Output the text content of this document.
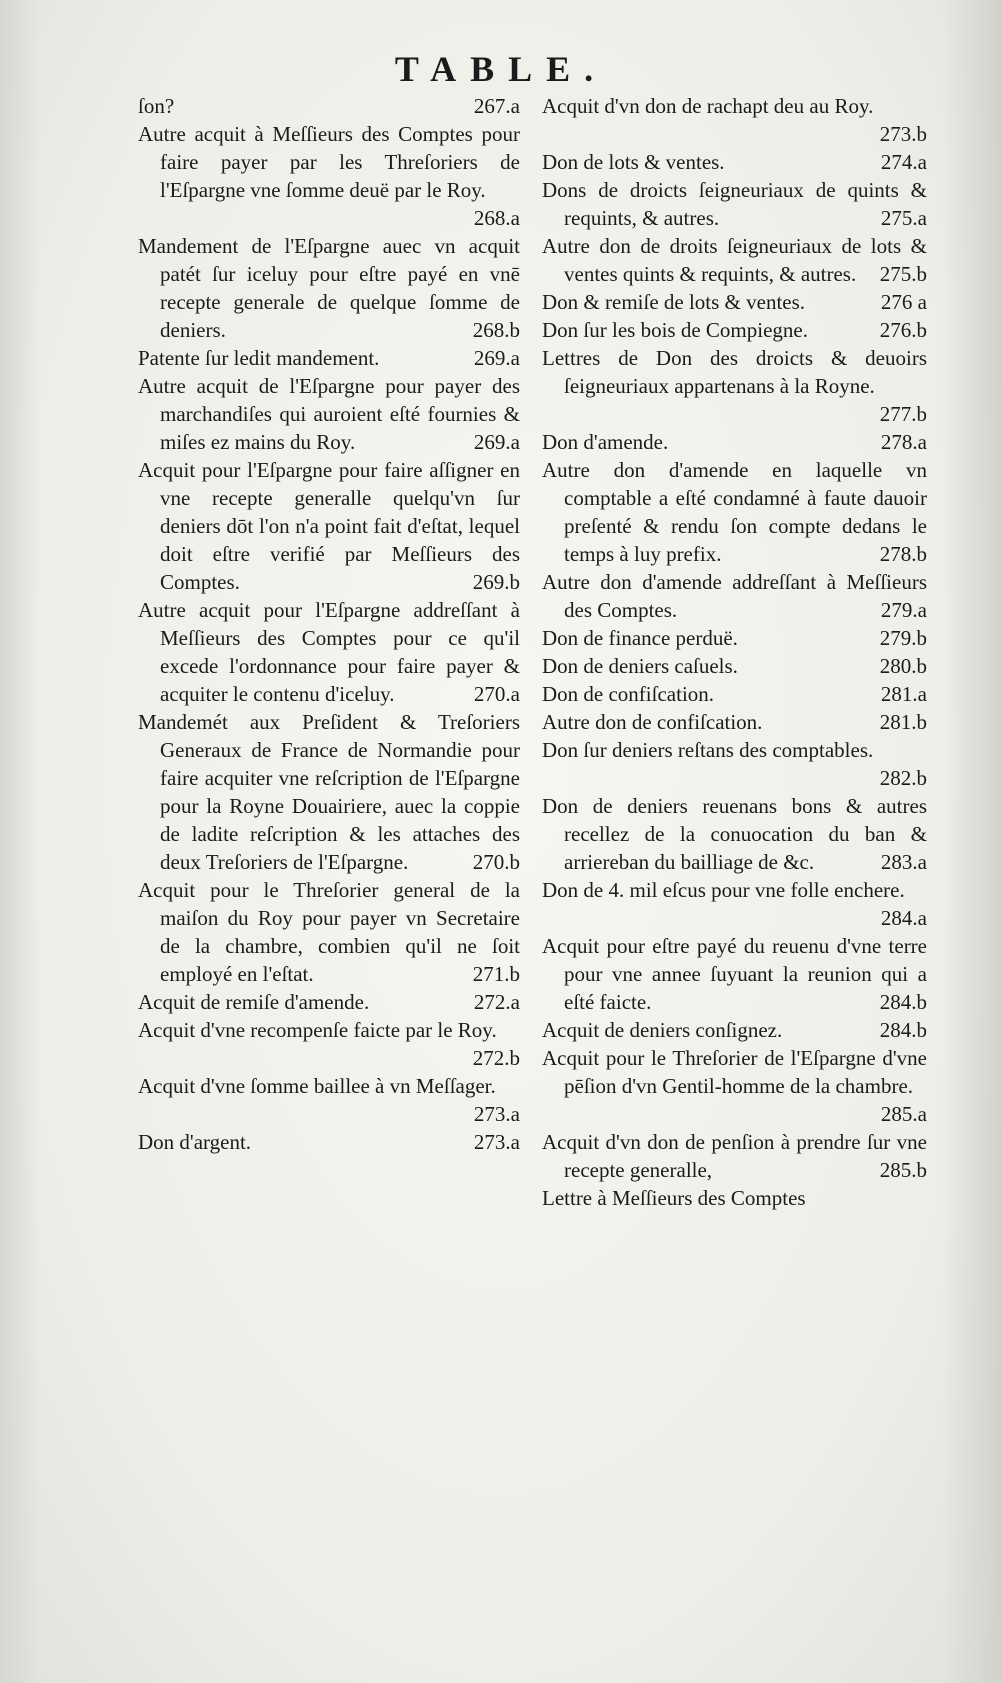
TABLE.

ſon?	267.a

Autre acquit à Meſſieurs des Comptes pour faire payer par les Threſoriers de l'Eſpargne vne ſomme deuë par le Roy.
268.a

Mandement de l'Eſpargne auec vn acquit patét ſur iceluy pour eſtre payé en vnē recepte generale de quelque ſomme de deniers.	268.b

Patente ſur ledit mandement.	269.a

Autre acquit de l'Eſpargne pour payer des marchandiſes qui auroient eſté fournies & miſes ez mains du Roy.	269.a

Acquit pour l'Eſpargne pour faire aſſigner en vne recepte generalle quelqu'vn ſur deniers dōt l'on n'a point fait d'eſtat, lequel doit eſtre verifié par Meſſieurs des Comptes.	269.b

Autre acquit pour l'Eſpargne addreſſant à Meſſieurs des Comptes pour ce qu'il excede l'ordonnance pour faire payer & acquiter le contenu d'iceluy.	270.a

Mandemét aux Preſident & Treſoriers Generaux de France de Normandie pour faire acquiter vne reſcription de l'Eſpargne pour la Royne Douairiere, auec la coppie de ladite reſcription & les attaches des deux Treſoriers de l'Eſpargne.	270.b

Acquit pour le Threſorier general de la maiſon du Roy pour payer vn Secretaire de la chambre, combien qu'il ne ſoit employé en l'eſtat.	271.b

Acquit de remiſe d'amende.	272.a

Acquit d'vne recompenſe faicte par le Roy.
272.b

Acquit d'vne ſomme baillee à vn Meſſager.
273.a

Don d'argent.	273.a

Acquit d'vn don de rachapt deu au Roy.
273.b

Don de lots & ventes.	274.a

Dons de droicts ſeigneuriaux de quints & requints, & autres.	275.a

Autre don de droits ſeigneuriaux de lots & ventes quints & requints, & autres.	275.b

Don & remiſe de lots & ventes.	276 a

Don ſur les bois de Compiegne.	276.b

Lettres de Don des droicts & deuoirs ſeigneuriaux appartenans à la Royne.
277.b

Don d'amende.	278.a

Autre don d'amende en laquelle vn comptable a eſté condamné à faute dauoir preſenté & rendu ſon compte dedans le temps à luy prefix.	278.b

Autre don d'amende addreſſant à Meſſieurs des Comptes.	279.a

Don de finance perduë.	279.b

Don de deniers caſuels.	280.b

Don de confiſcation.	281.a

Autre don de confiſcation.	281.b

Don ſur deniers reſtans des comptables.
282.b

Don de deniers reuenans bons & autres recellez de la conuocation du ban & arriereban du bailliage de &c.	283.a

Don de 4. mil eſcus pour vne folle enchere.
284.a

Acquit pour eſtre payé du reuenu d'vne terre pour vne annee ſuyuant la reunion qui a eſté faicte.	284.b

Acquit de deniers conſignez.	284.b

Acquit pour le Threſorier de l'Eſpargne d'vne pēſion d'vn Gentil-homme de la chambre.
285.a

Acquit d'vn don de penſion à prendre ſur vne recepte generalle,	285.b

Lettre à Meſſieurs des Comptes
